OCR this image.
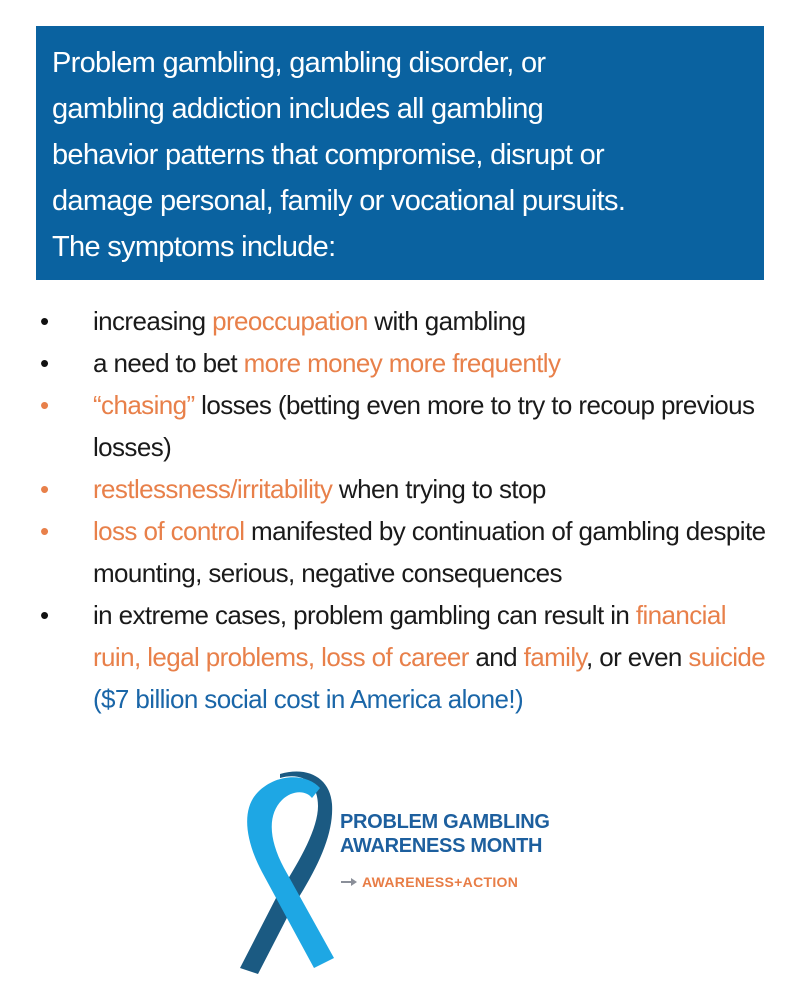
Problem gambling, gambling disorder, or
gambling addiction includes all gambling
behavior patterns that compromise, disrupt or
damage personal, family or vocational pursuits.
The symptoms include:

•	increasing preoccupation with gambling
•	a need to bet more money more frequently
•	“chasing” losses (betting even more to try to recoup previous losses)
•	restlessness/irritability when trying to stop
•	loss of control manifested by continuation of gambling despite mounting, serious, negative consequences
•	in extreme cases, problem gambling can result in financial ruin, legal problems, loss of career and family, or even suicide ($7 billion social cost in America alone!)
PROBLEM GAMBLING
AWARENESS MONTH
AWARENESS + ACTION
